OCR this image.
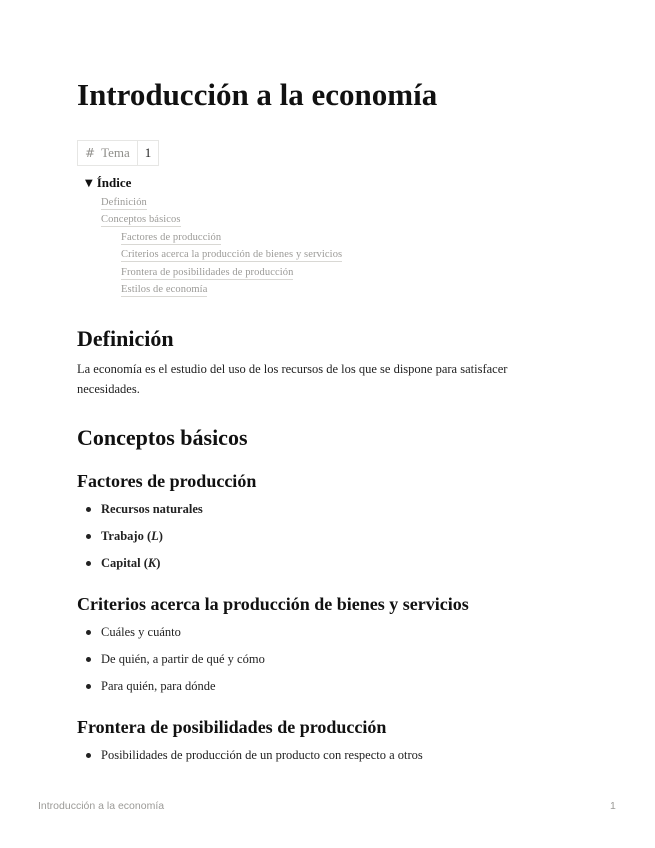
Introducción a la economía
# Tema	1
▼ Índice
Definición
Conceptos básicos
Factores de producción
Criterios acerca la producción de bienes y servicios
Frontera de posibilidades de producción
Estilos de economía
Definición

La economía es el estudio del uso de los recursos de los que se dispone para satisfacer necesidades.

Conceptos básicos
Factores de producción
Recursos naturales
Trabajo (L)
Capital (K)
Criterios acerca la producción de bienes y servicios
Cuáles y cuánto
De quién, a partir de qué y cómo
Para quién, para dónde
Frontera de posibilidades de producción
Posibilidades de producción de un producto con respecto a otros
Introducción a la economía	1
